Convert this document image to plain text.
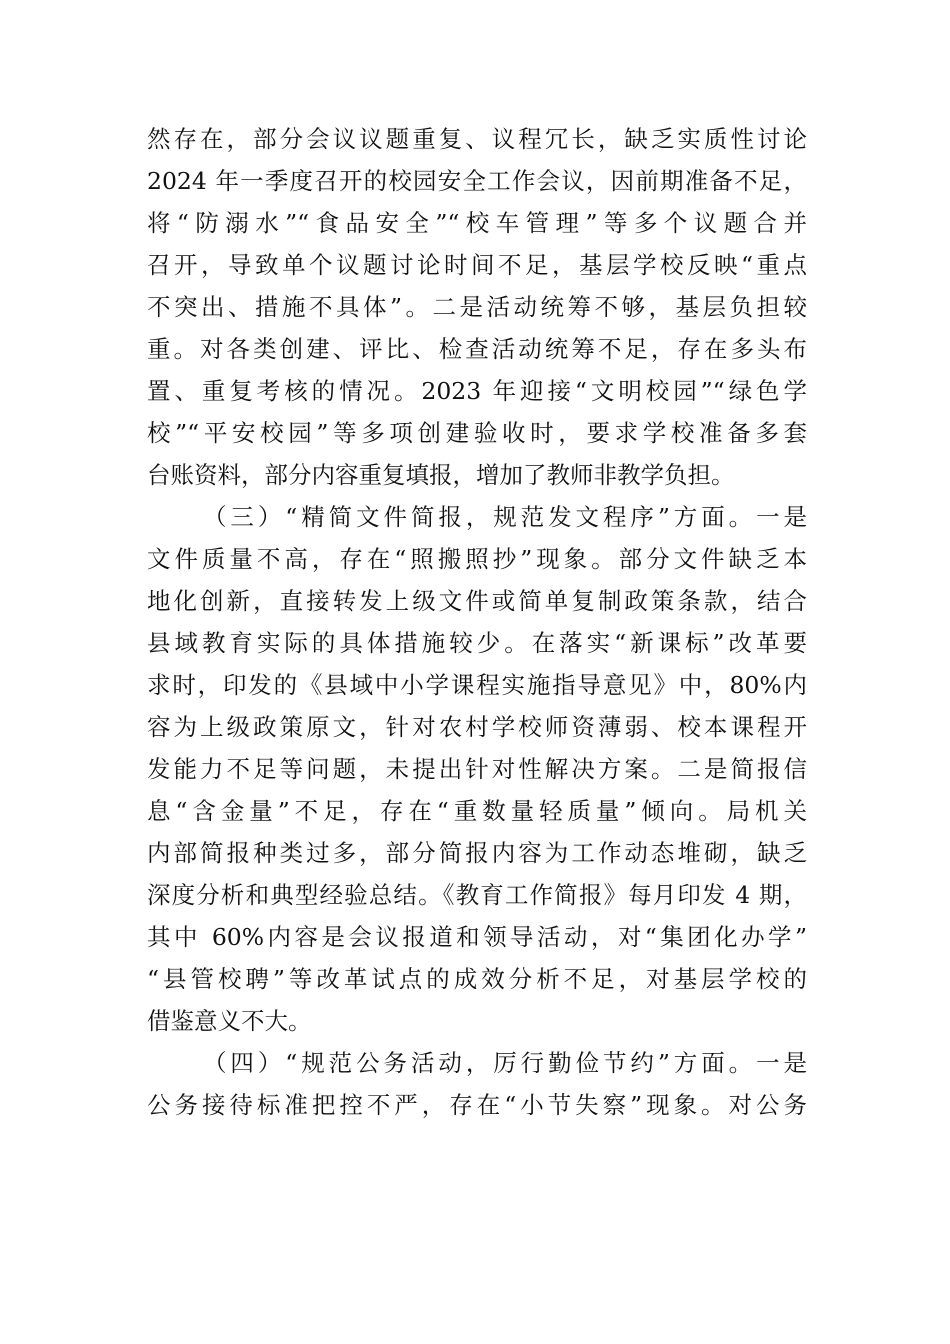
然存在，部分会议议题重复、议程冗长，缺乏实质性讨论
2024 年一季度召开的校园安全工作会议，因前期准备不足，
将“防溺水”“食品安全”“校车管理”等多个议题合并
召开，导致单个议题讨论时间不足，基层学校反映“重点
不突出、措施不具体”。二是活动统筹不够，基层负担较
重。对各类创建、评比、检查活动统筹不足，存在多头布
置、重复考核的情况。2023 年迎接“文明校园”“绿色学
校”“平安校园”等多项创建验收时，要求学校准备多套
台账资料，部分内容重复填报，增加了教师非教学负担。
（三）“精简文件简报，规范发文程序”方面。一是
文件质量不高，存在“照搬照抄”现象。部分文件缺乏本
地化创新，直接转发上级文件或简单复制政策条款，结合
县域教育实际的具体措施较少。在落实“新课标”改革要
求时，印发的《县域中小学课程实施指导意见》中，80%内
容为上级政策原文，针对农村学校师资薄弱、校本课程开
发能力不足等问题，未提出针对性解决方案。二是简报信
息“含金量”不足，存在“重数量轻质量”倾向。局机关
内部简报种类过多，部分简报内容为工作动态堆砌，缺乏
深度分析和典型经验总结。《教育工作简报》每月印发 4 期，
其中 60%内容是会议报道和领导活动，对“集团化办学”
“县管校聘”等改革试点的成效分析不足，对基层学校的
借鉴意义不大。
（四）“规范公务活动，厉行勤俭节约”方面。一是
公务接待标准把控不严，存在“小节失察”现象。对公务
